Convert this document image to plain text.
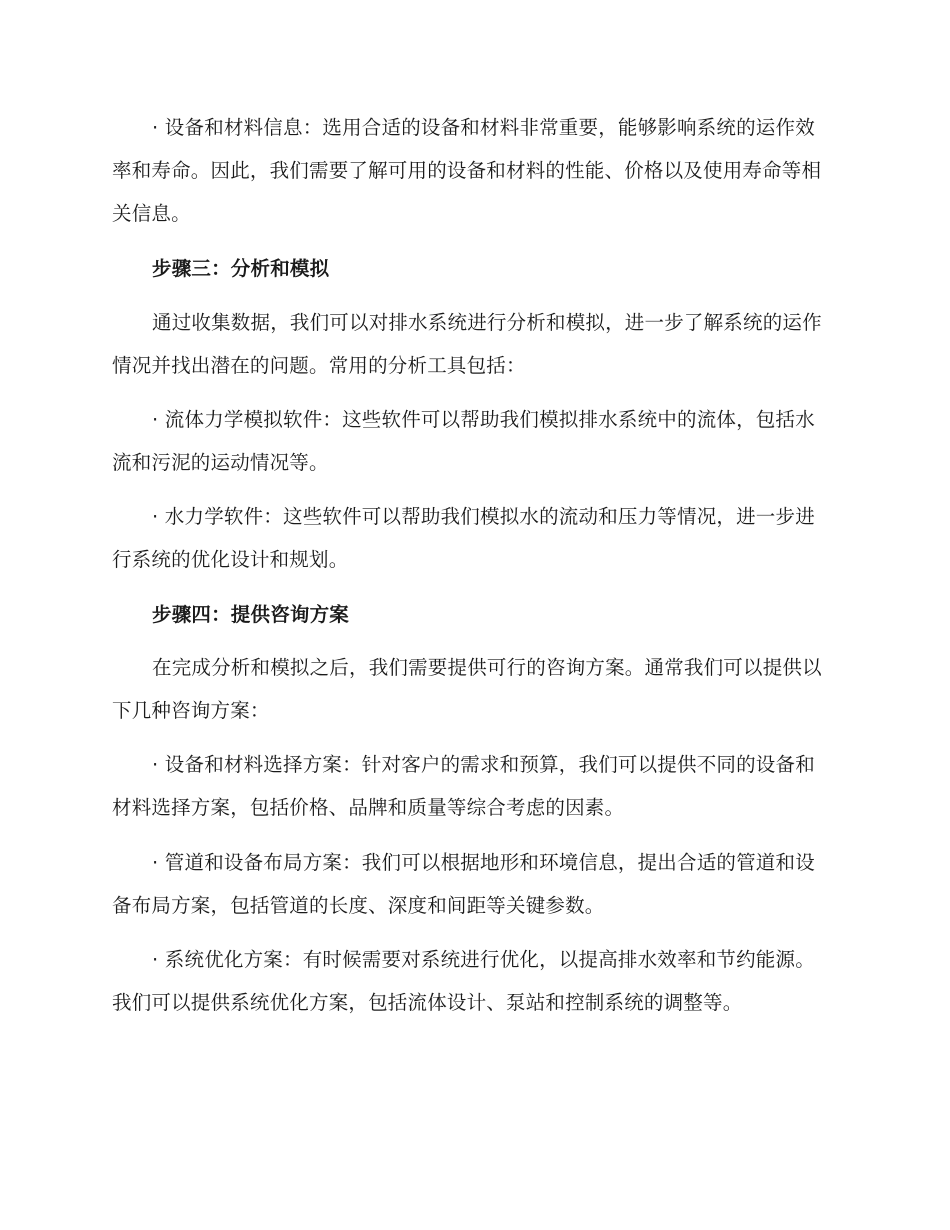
· 设备和材料信息：选用合适的设备和材料非常重要，能够影响系统的运作效率和寿命。因此，我们需要了解可用的设备和材料的性能、价格以及使用寿命等相关信息。

步骤三：分析和模拟

通过收集数据，我们可以对排水系统进行分析和模拟，进一步了解系统的运作情况并找出潜在的问题。常用的分析工具包括：

· 流体力学模拟软件：这些软件可以帮助我们模拟排水系统中的流体，包括水流和污泥的运动情况等。

· 水力学软件：这些软件可以帮助我们模拟水的流动和压力等情况，进一步进行系统的优化设计和规划。

步骤四：提供咨询方案

在完成分析和模拟之后，我们需要提供可行的咨询方案。通常我们可以提供以下几种咨询方案：

· 设备和材料选择方案：针对客户的需求和预算，我们可以提供不同的设备和材料选择方案，包括价格、品牌和质量等综合考虑的因素。

· 管道和设备布局方案：我们可以根据地形和环境信息，提出合适的管道和设备布局方案，包括管道的长度、深度和间距等关键参数。

· 系统优化方案：有时候需要对系统进行优化，以提高排水效率和节约能源。我们可以提供系统优化方案，包括流体设计、泵站和控制系统的调整等。
